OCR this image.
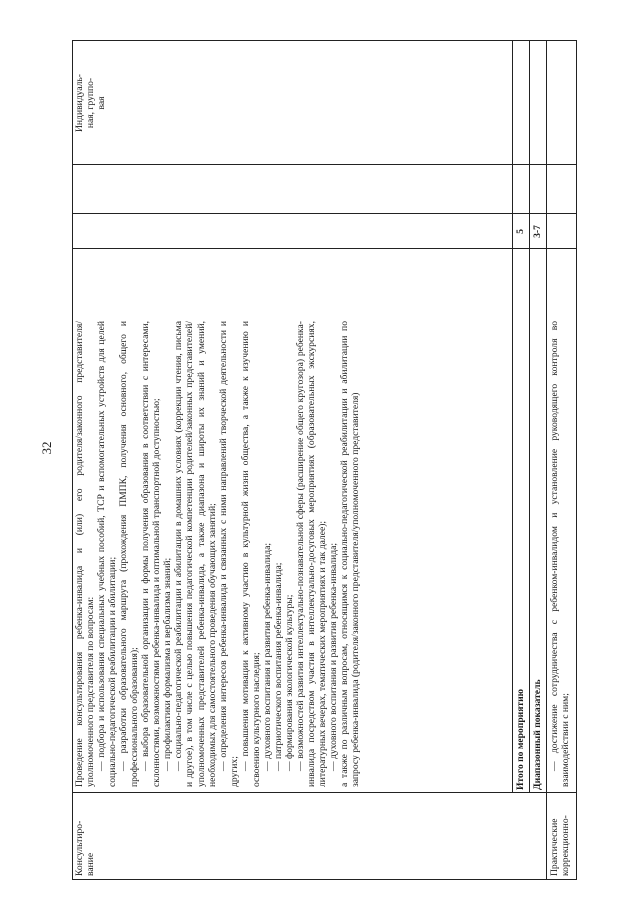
32
Консультиро-
вание

Проведение консультирования ребенка-инвалида и (или) его родителя/законного представителя/уполномоченного представителя по вопросам: — подбора и использования специальных учебных пособий, ТСР и вспомогательных устройств для целей социально-педагогической реабилитации и абилитации; — разработки образовательного маршрута (прохождения ПМПК, получения основного, общего и профессионального образования); — выбора образовательной организации и формы получения образования в соответствии с интересами, склонностями, возможностями ребенка-инвалида и оптимальной транспортной доступностью; — профилактики формализма и вербализма знаний; — социально-педагогической реабилитации и абилитации в домашних условиях (коррекции чтения, письма и другое), в том числе с целью повышения педагогической компетенции родителей/законных представителей/уполномоченных представителей ребенка-инвалида, а также диапазона и широты их знаний и умений, необходимых для самостоятельного проведения обучающих занятий; — определения интересов ребенка-инвалида и связанных с ними направлений творческой деятельности и других;

— повышения мотивации к активному участию в культурной жизни общества, а также к изучению и освоению культурного наследия; — духовного воспитания и развития ребенка-инвалида; — патриотического воспитания ребенка-инвалида; — формирования экологической культуры; — возможностей развития интеллектуально-познавательной сферы (расширение общего кругозора) ребенка-инвалида посредством участия в интеллектуально-досуговых мероприятиях (образовательных экскурсиях, литературных вечерах, тематических мероприятиях и так далее); — духовного воспитания и развития ребенка-инвалида; а также по различным вопросам, относящимся к социально-педагогической реабилитации и абилитации по запросу ребенка-инвалида (родителя/законного представителя/уполномоченного представителя)

Индивидуаль-
ная, группо-
вая
Итого по мероприятию
5
Диапазонный показатель
3-7
Практические
коррекционно-

— достижение сотрудничества с ребенком-инвалидом и установление руководящего контроля во взаимодействии с ним;
